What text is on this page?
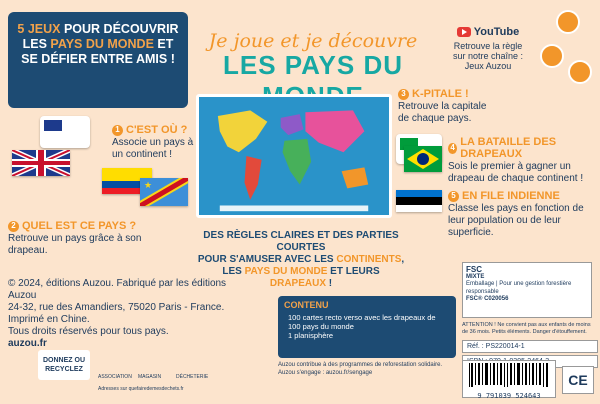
5 JEUX POUR DÉCOUVRIR LES PAYS DU MONDE ET SE DÉFIER ENTRE AMIS !
Je joue et je découvre
LES PAYS DU
YouTube
Retrouve la règle
sur notre chaîne :
Jeux Auzou
★
1 C'EST OÙ ?
Associe un pays à un continent !
2 QUEL EST CE PAYS ?
Retrouve un pays grâce à son drapeau.
3 K-PITALE !
Retrouve la capitale de chaque pays.
4 LA BATAILLE DES DRAPEAUX
Sois le premier à gagner un drapeau de chaque continent !
5 EN FILE INDIENNE
Classe les pays en fonction de leur population ou de leur superficie.
DES RÈGLES CLAIRES ET DES PARTIES COURTES
POUR S'AMUSER AVEC LES CONTINENTS,
LES PAYS DU MONDE ET LEURS DRAPEAUX !
© 2024, éditions Auzou. Fabriqué par les éditions Auzou
24-32, rue des Amandiers, 75020 Paris - France.
Imprimé en Chine.
Tous droits réservés pour tous pays.
auzou.fr
DONNEZ OU RECYCLEZ
ASSOCIATION MAGASIN	DÉCHETERIE
Adresses sur quefairedemesdechets.fr
CONTENU
100 cartes recto verso avec les drapeaux de 100 pays du monde
1 planisphère
Auzou contribue à des programmes de reforestation solidaire.
Auzou s'engage : auzou.fr/sengage
FSC
MIXTE
Emballage | Pour une gestion forestière responsable
FSC® C020056
ATTENTION ! Ne convient pas aux enfants de moins de 36 mois. Petits éléments. Danger d'étouffement.
Réf. : PS220014-1
9 791039 524643
CE
